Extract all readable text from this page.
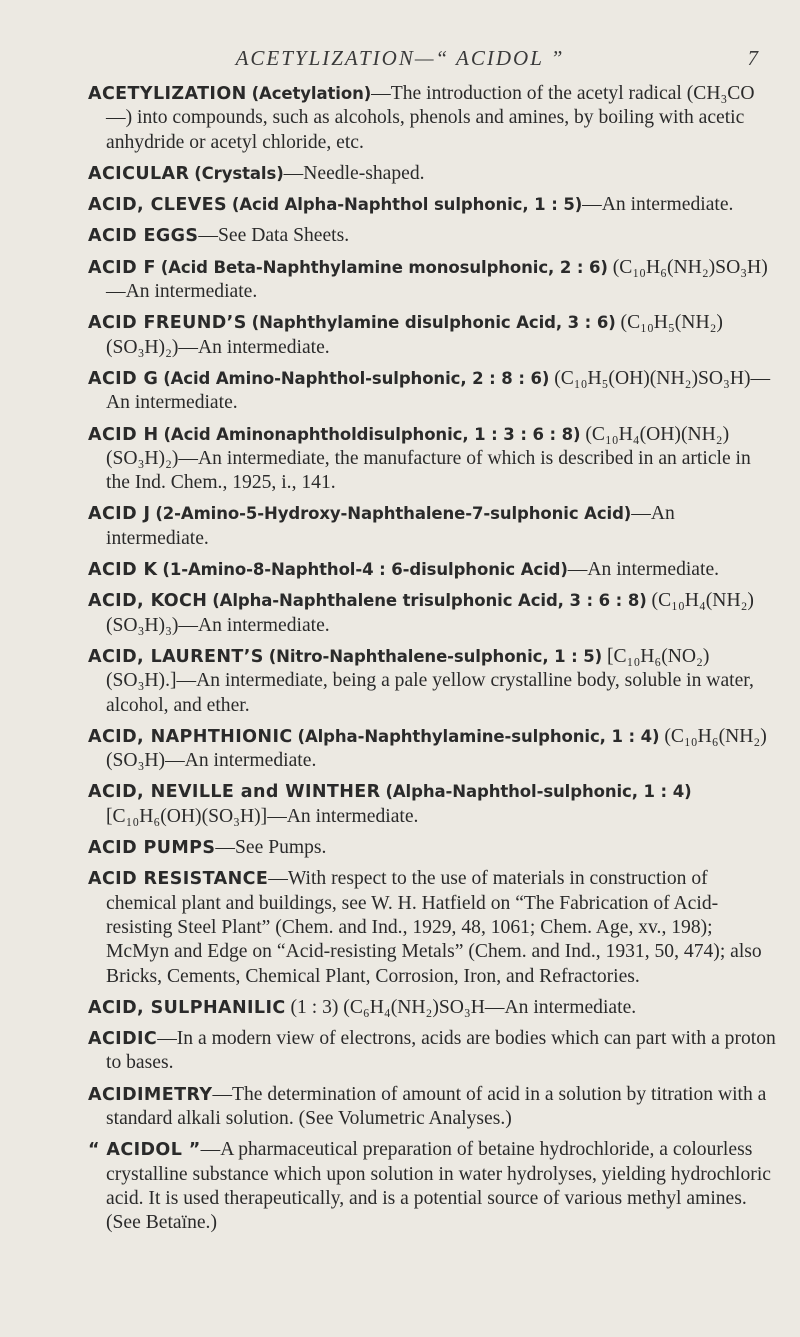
ACETYLIZATION—“ ACIDOL ”	7

ACETYLIZATION (Acetylation)—The introduction of the acetyl radical (CH₃CO—) into compounds, such as alcohols, phenols and amines, by boiling with acetic anhydride or acetyl chloride, etc.

ACICULAR (Crystals)—Needle-shaped.

ACID, CLEVES (Acid Alpha-Naphthol sulphonic, 1 : 5)—An intermediate.

ACID EGGS—See Data Sheets.

ACID F (Acid Beta-Naphthylamine monosulphonic, 2 : 6) (C₁₀H₆(NH₂)SO₃H)—An intermediate.

ACID FREUND’S (Naphthylamine disulphonic Acid, 3 : 6) (C₁₀H₅(NH₂)(SO₃H)₂)—An intermediate.

ACID G (Acid Amino-Naphthol-sulphonic, 2 : 8 : 6) (C₁₀H₅(OH)(NH₂)SO₃H)—An intermediate.

ACID H (Acid Aminonaphtholdisulphonic, 1 : 3 : 6 : 8) (C₁₀H₄(OH)(NH₂)(SO₃H)₂)—An intermediate, the manufacture of which is described in an article in the Ind. Chem., 1925, i., 141.

ACID J (2-Amino-5-Hydroxy-Naphthalene-7-sulphonic Acid)—An intermediate.

ACID K (1-Amino-8-Naphthol-4 : 6-disulphonic Acid)—An intermediate.

ACID, KOCH (Alpha-Naphthalene trisulphonic Acid, 3 : 6 : 8) (C₁₀H₄(NH₂)(SO₃H)₃)—An intermediate.

ACID, LAURENT’S (Nitro-Naphthalene-sulphonic, 1 : 5) [C₁₀H₆(NO₂)(SO₃H).]—An intermediate, being a pale yellow crystalline body, soluble in water, alcohol, and ether.

ACID, NAPHTHIONIC (Alpha-Naphthylamine-sulphonic, 1 : 4) (C₁₀H₆(NH₂)(SO₃H)—An intermediate.

ACID, NEVILLE and WINTHER (Alpha-Naphthol-sulphonic, 1 : 4) [C₁₀H₆(OH)(SO₃H)]—An intermediate.

ACID PUMPS—See Pumps.

ACID RESISTANCE—With respect to the use of materials in construction of chemical plant and buildings, see W. H. Hatfield on “The Fabrication of Acid-resisting Steel Plant” (Chem. and Ind., 1929, 48, 1061; Chem. Age, xv., 198); McMyn and Edge on “Acid-resisting Metals” (Chem. and Ind., 1931, 50, 474); also Bricks, Cements, Chemical Plant, Corrosion, Iron, and Refractories.

ACID, SULPHANILIC (1 : 3) (C₆H₄(NH₂)SO₃H—An intermediate.

ACIDIC—In a modern view of electrons, acids are bodies which can part with a proton to bases.

ACIDIMETRY—The determination of amount of acid in a solution by titration with a standard alkali solution. (See Volumetric Analyses.)

“ ACIDOL ”—A pharmaceutical preparation of betaine hydrochloride, a colourless crystalline substance which upon solution in water hydrolyses, yielding hydrochloric acid. It is used therapeutically, and is a potential source of various methyl amines. (See Betaïne.)
